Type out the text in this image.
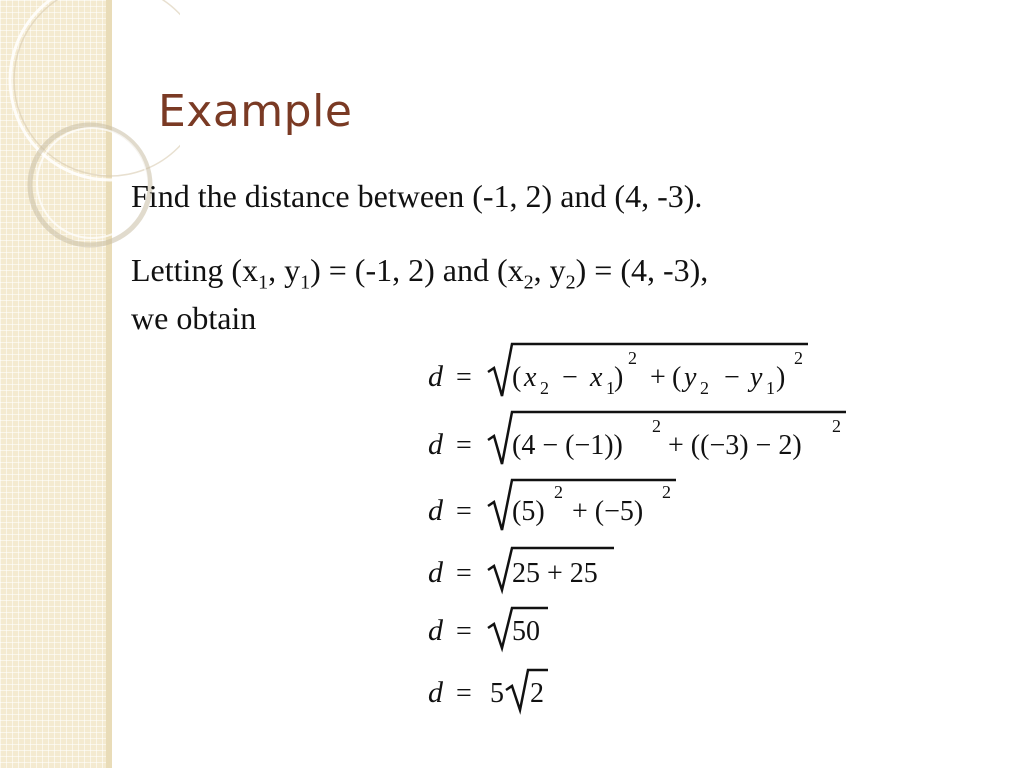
Example
Find the distance between (-1, 2) and (4, -3).
Letting ($x_1$, $y_1) = (-1$, 2) and ($x_2$, $y_2) = (4$, -3),
we obtain
d = ( x 2 − x 1 )
2
+ ( y 2 − y 1 )
2
d = (4 − (−1))
2
+ ((−3) − 2)
2
d = (5)
2
+ (−5)
2
d = 25 + 25
d = 50
d = 5 2
